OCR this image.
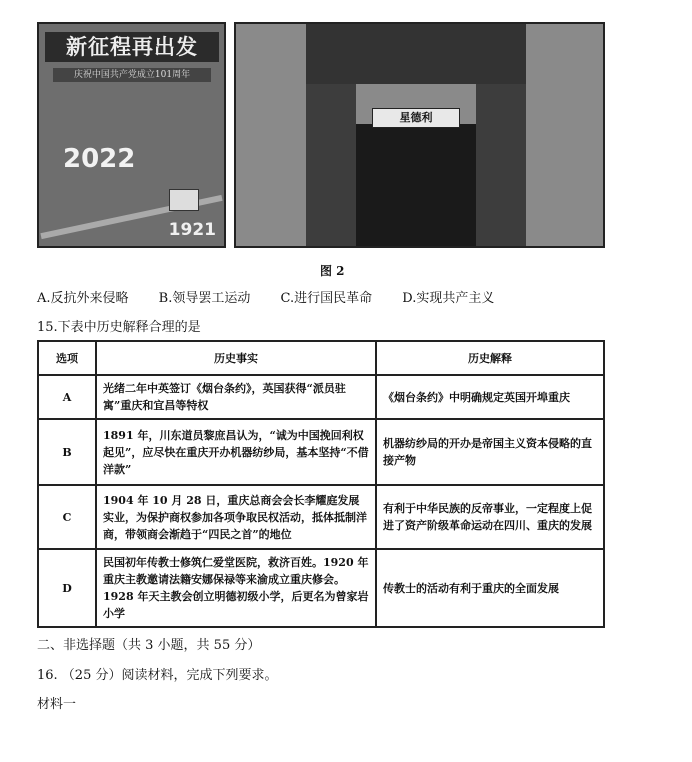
新征程再出发
庆祝中国共产党成立101周年
2022
1921
星德利
图 2
A.反抗外来侵略 B.领导罢工运动 C.进行国民革命 D.实现共产主义
15.下表中历史解释合理的是
选项	历史事实	历史解释
A	光绪二年中英签订《烟台条约》，英国获得“派员驻寓”重庆和宜昌等特权	《烟台条约》中明确规定英国开埠重庆
B	1891 年，川东道员黎庶昌认为，“诚为中国挽回利权起见”，应尽快在重庆开办机器纺纱局，基本坚持“不借洋款”	机器纺纱局的开办是帝国主义资本侵略的直接产物
C	1904 年 10 月 28 日，重庆总商会会长李耀庭发展实业，为保护商权参加各项争取民权活动，抵体抵制洋商，带领商会渐趋于“四民之首”的地位	有利于中华民族的反帝事业，一定程度上促进了资产阶级革命运动在四川、重庆的发展
D	民国初年传教士修筑仁爱堂医院，救济百姓。1920 年重庆主教邀请法籍安娜保禄等来渝成立重庆修会。1928 年天主教会创立明德初级小学，后更名为曾家岩小学	传教士的活动有利于重庆的全面发展
二、非选择题（共 3 小题，共 55 分）
16. （25 分）阅读材料，完成下列要求。
材料一
